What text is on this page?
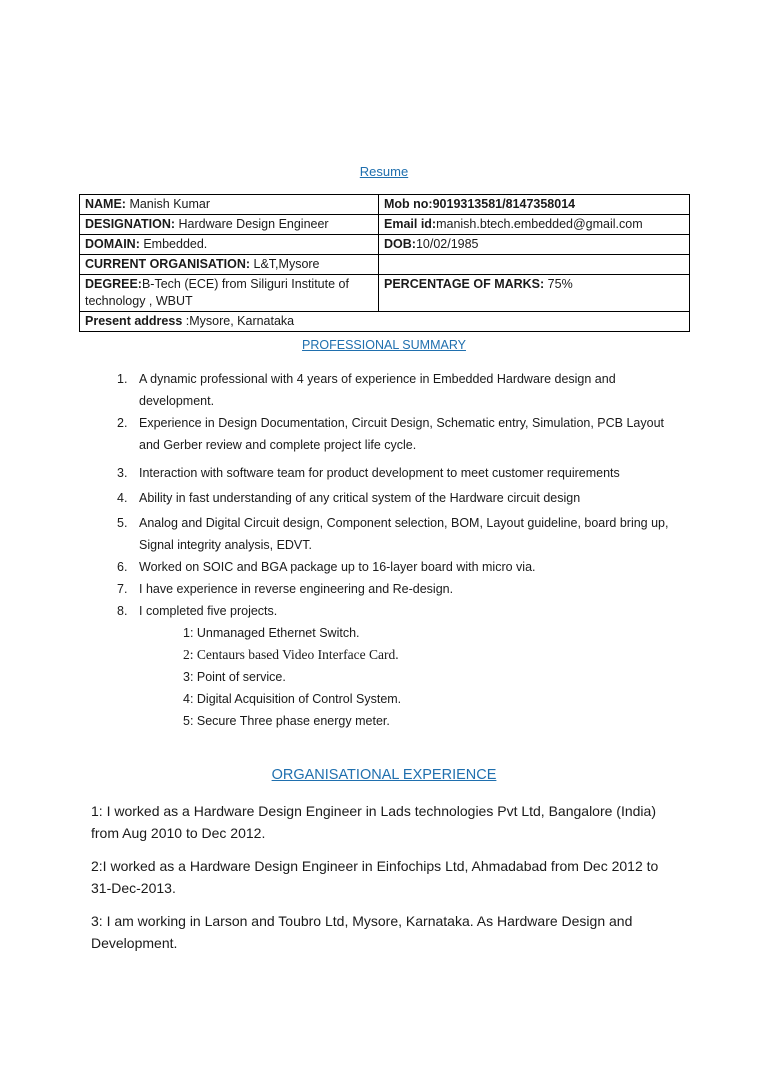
Resume
NAME: Manish Kumar	Mob no:9019313581/8147358014
DESIGNATION: Hardware Design Engineer	Email id:manish.btech.embedded@gmail.com
DOMAIN: Embedded.	DOB:10/02/1985
CURRENT ORGANISATION: L&T,Mysore	
DEGREE:B-Tech (ECE) from Siliguri Institute of technology , WBUT	PERCENTAGE OF MARKS: 75%
Present address :Mysore, Karnataka	
PROFESSIONAL SUMMARY
1. A dynamic professional with 4 years of experience in Embedded Hardware design and development.
2. Experience in Design Documentation, Circuit Design, Schematic entry, Simulation, PCB Layout and Gerber review and complete project life cycle.
3. Interaction with software team for product development to meet customer requirements
4. Ability in fast understanding of any critical system of the Hardware circuit design
5. Analog and Digital Circuit design, Component selection, BOM, Layout guideline, board bring up, Signal integrity analysis, EDVT.
6. Worked on SOIC and BGA package up to 16-layer board with micro via.
7. I have experience in reverse engineering and Re-design.
8. I completed five projects.
1: Unmanaged Ethernet Switch.
2: Centaurs based Video Interface Card.
3: Point of service.
4: Digital Acquisition of Control System.
5: Secure Three phase energy meter.
ORGANISATIONAL EXPERIENCE
1: I worked as a Hardware Design Engineer in Lads technologies Pvt Ltd, Bangalore (India) from Aug 2010 to Dec 2012.
2:I worked as a Hardware Design Engineer in Einfochips Ltd, Ahmadabad from Dec 2012 to 31-Dec-2013.
3: I am working in Larson and Toubro Ltd, Mysore, Karnataka. As Hardware Design and Development.
